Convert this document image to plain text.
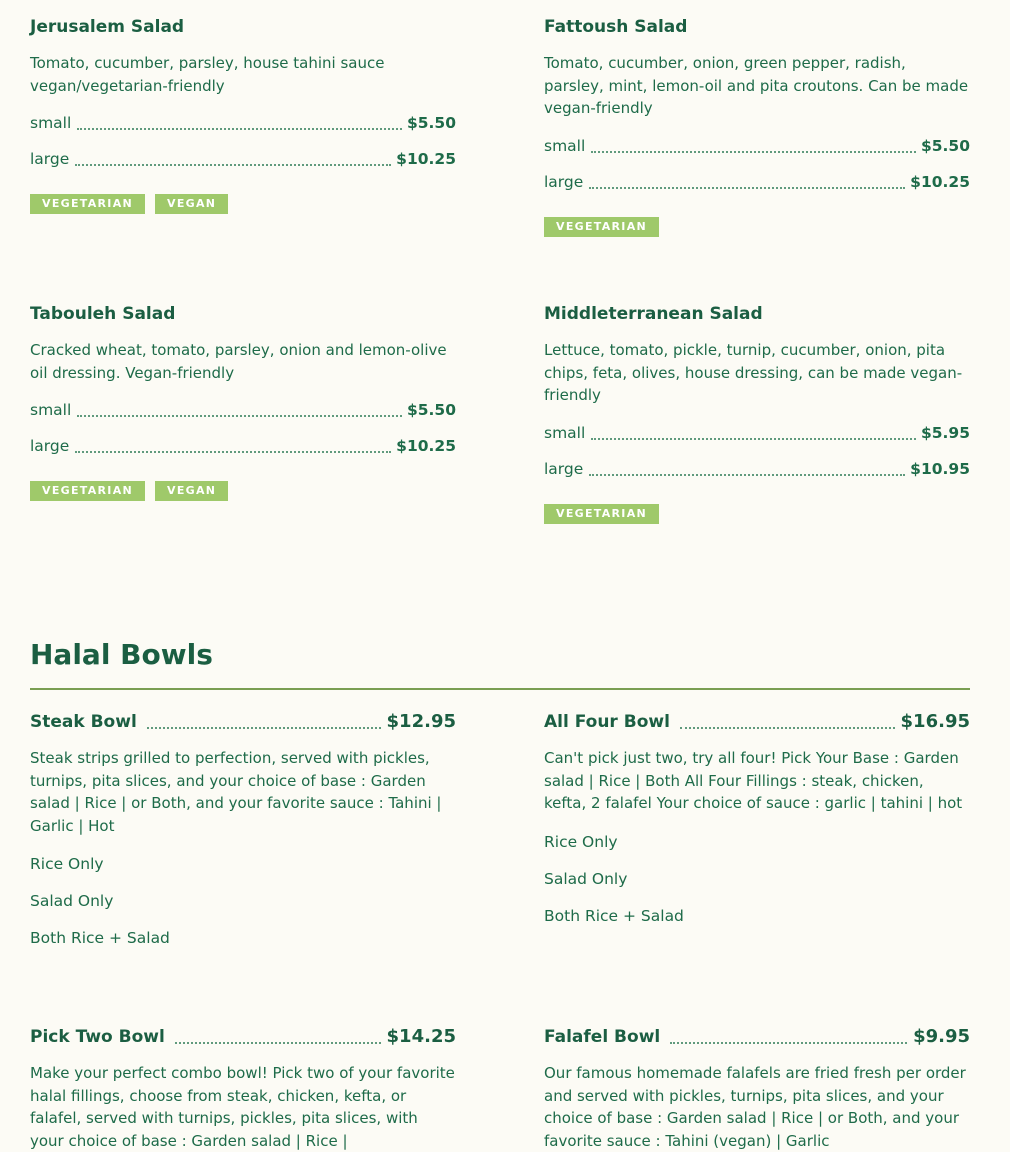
Jerusalem Salad
Tomato, cucumber, parsley, house tahini sauce vegan/vegetarian-friendly
small	$5.50
large	$10.25
VEGETARIAN	VEGAN
Fattoush Salad
Tomato, cucumber, onion, green pepper, radish, parsley, mint, lemon-oil and pita croutons. Can be made vegan-friendly
small	$5.50
large	$10.25
VEGETARIAN
Tabouleh Salad
Cracked wheat, tomato, parsley, onion and lemon-olive oil dressing. Vegan-friendly
small	$5.50
large	$10.25
VEGETARIAN	VEGAN
Middleterranean Salad
Lettuce, tomato, pickle, turnip, cucumber, onion, pita chips, feta, olives, house dressing, can be made vegan-friendly
small	$5.95
large	$10.95
VEGETARIAN
Halal Bowls
Steak Bowl	$12.95
Steak strips grilled to perfection, served with pickles, turnips, pita slices, and your choice of base : Garden salad | Rice | or Both, and your favorite sauce : Tahini | Garlic | Hot
Rice Only
Salad Only
Both Rice + Salad
All Four Bowl	$16.95
Can't pick just two, try all four! Pick Your Base : Garden salad | Rice | Both All Four Fillings : steak, chicken, kefta, 2 falafel Your choice of sauce : garlic | tahini | hot
Rice Only
Salad Only
Both Rice + Salad
Pick Two Bowl	$14.25
Make your perfect combo bowl! Pick two of your favorite halal fillings, choose from steak, chicken, kefta, or falafel, served with turnips, pickles, pita slices, with your choice of base : Garden salad | Rice |
Falafel Bowl	$9.95
Our famous homemade falafels are fried fresh per order and served with pickles, turnips, pita slices, and your choice of base : Garden salad | Rice | or Both, and your favorite sauce : Tahini (vegan) | Garlic
